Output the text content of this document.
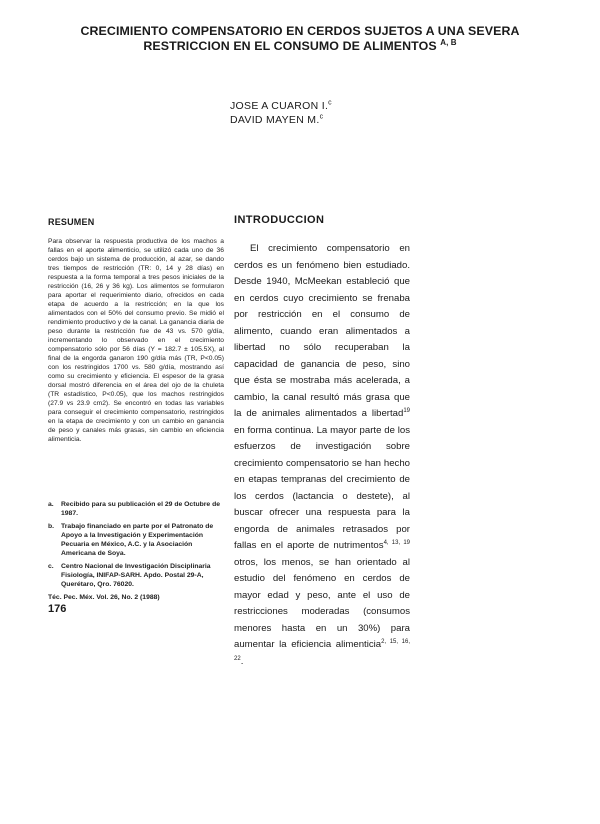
CRECIMIENTO COMPENSATORIO EN CERDOS SUJETOS A UNA SEVERA
RESTRICCION EN EL CONSUMO DE ALIMENTOS $^{A, B}$
JOSE A CUARON I.$^c$
DAVID MAYEN M.$^c$
RESUMEN
Para observar la respuesta productiva de los machos a fallas en el aporte alimenticio, se utilizó cada uno de 36 cerdos bajo un sistema de producción, al azar, se dando tres tiempos de restricción (TR: 0, 14 y 28 días) en respuesta a la forma temporal a tres pesos iniciales de la restricción (16, 26 y 36 kg). Los alimentos se formularon para aportar el requerimiento diario, ofrecidos en cada etapa de acuerdo a la restricción; en la que los alimentados con el 50% del consumo previo. Se midió el rendimiento productivo y de la canal. La ganancia diaria de peso durante la restricción fue de 43 vs. 570 g/día, incrementando lo observado en el crecimiento compensatorio sólo por 56 días (Y = 182.7 ± 105.5X), al final de la engorda ganaron 190 g/día más (TR, P<0.05) con los restringidos 1700 vs. 580 g/día, mostrando así como su crecimiento y eficiencia. El espesor de la grasa dorsal mostró diferencia en el área del ojo de la chuleta (TR estadístico, P<0.05), que los machos restringidos (27.9 vs 23.9 cm2). Se encontró en todas las variables para conseguir el crecimiento compensatorio, restringidos en la etapa de crecimiento y con un cambio en ganancia de peso y canales más grasas, sin cambio en eficiencia alimenticia.
a.	Recibido para su publicación el 29 de Octubre de 1987.
b.	Trabajo financiado en parte por el Patronato de Apoyo a la Investigación y Experimentación Pecuaria en México, A.C. y la Asociación Americana de Soya.
c.	Centro Nacional de Investigación Disciplinaria Fisiología, INIFAP-SARH. Apdo. Postal 29-A, Querétaro, Qro. 76020.
Téc. Pec. Méx. Vol. 26, No. 2 (1988)
176
INTRODUCCION
El crecimiento compensatorio en cerdos es un fenómeno bien estudiado. Desde 1940, McMeekan estableció que en cerdos cuyo crecimiento se frenaba por restricción en el consumo de alimento, cuando eran alimentados a libertad no sólo recuperaban la capacidad de ganancia de peso, sino que ésta se mostraba más acelerada, a cambio, la canal resultó más grasa que la de animales alimentados a libertad$^{19}$ en forma continua. La mayor parte de los esfuerzos de investigación sobre crecimiento compensatorio se han hecho en etapas tempranas del crecimiento de los cerdos (lactancia o destete), al buscar ofrecer una respuesta para la engorda de animales retrasados por fallas en el aporte de nutrimentos$^{4, 13, 19}$ otros, los menos, se han orientado al estudio del fenómeno en cerdos de mayor edad y peso, ante el uso de restricciones moderadas (consumos menores hasta en un 30%) para aumentar la eficiencia alimenticia$^{2, 15, 16, 22}$.
